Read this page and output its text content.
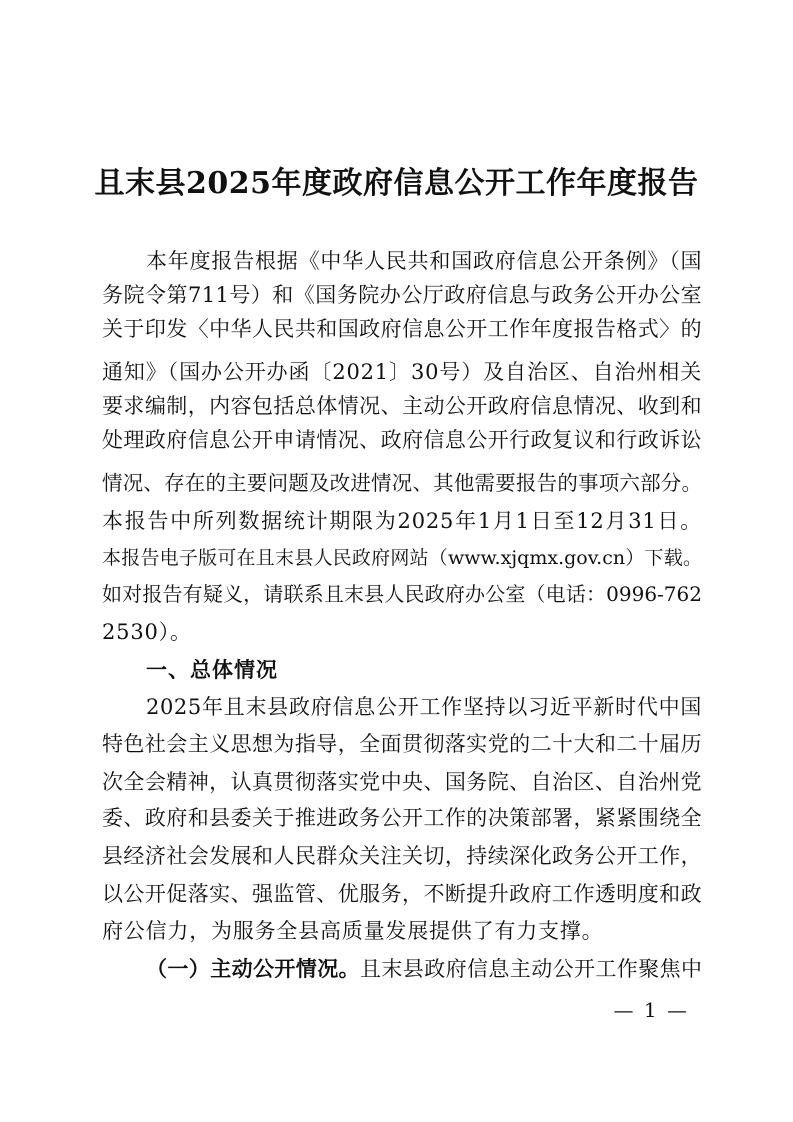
且末县2025年度政府信息公开工作年度报告
本年度报告根据《中华人民共和国政府信息公开条例》（国
务院令第711号）和《国务院办公厅政府信息与政务公开办公室
关于印发〈中华人民共和国政府信息公开工作年度报告格式〉的
通知》（国办公开办函〔2021〕30号）及自治区、自治州相关
要求编制，内容包括总体情况、主动公开政府信息情况、收到和
处理政府信息公开申请情况、政府信息公开行政复议和行政诉讼
情况、存在的主要问题及改进情况、其他需要报告的事项六部分。
本报告中所列数据统计期限为2025年1月1日至12月31日。
本报告电子版可在且末县人民政府网站（www.xjqmx.gov.cn）下载。
如对报告有疑义，请联系且末县人民政府办公室（电话：0996-762
2530）。
一、总体情况
2025年且末县政府信息公开工作坚持以习近平新时代中国
特色社会主义思想为指导，全面贯彻落实党的二十大和二十届历
次全会精神，认真贯彻落实党中央、国务院、自治区、自治州党
委、政府和县委关于推进政务公开工作的决策部署，紧紧围绕全
县经济社会发展和人民群众关注关切，持续深化政务公开工作，
以公开促落实、强监管、优服务，不断提升政府工作透明度和政
府公信力，为服务全县高质量发展提供了有力支撑。
（一）主动公开情况。且末县政府信息主动公开工作聚焦中
— 1 —
